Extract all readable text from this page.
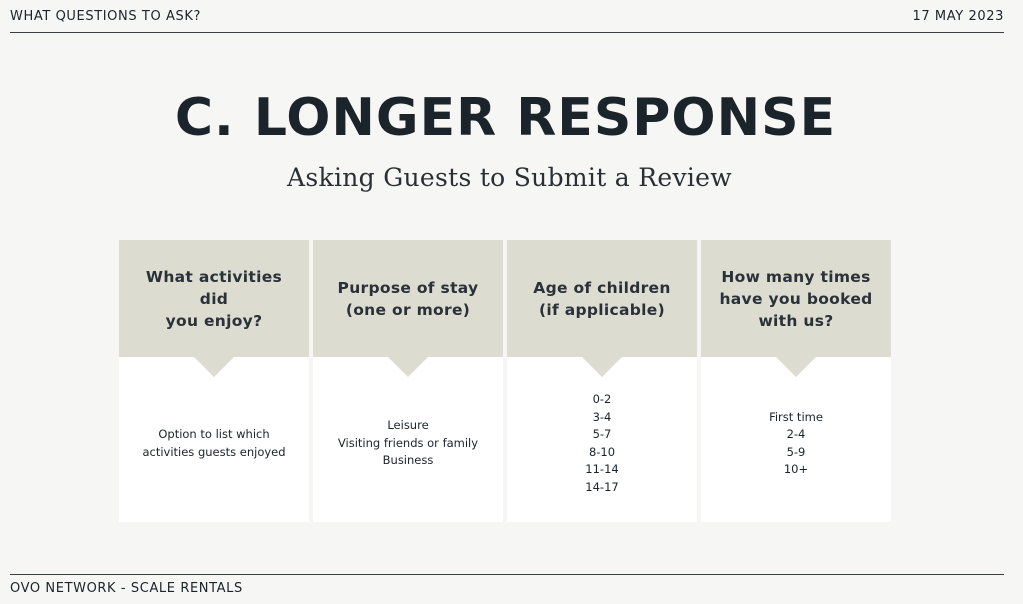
WHAT QUESTIONS TO ASK?	17 MAY 2023
C. LONGER RESPONSE
Asking Guests to Submit a Review
What activities did
you enjoy?
Option to list which
activities guests enjoyed
Purpose of stay
(one or more)
Leisure
Visiting friends or family
Business
Age of children
(if applicable)
0-2
3-4
5-7
8-10
11-14
14-17
How many times
have you booked
with us?
First time
2-4
5-9
10+
OVO NETWORK - SCALE RENTALS
